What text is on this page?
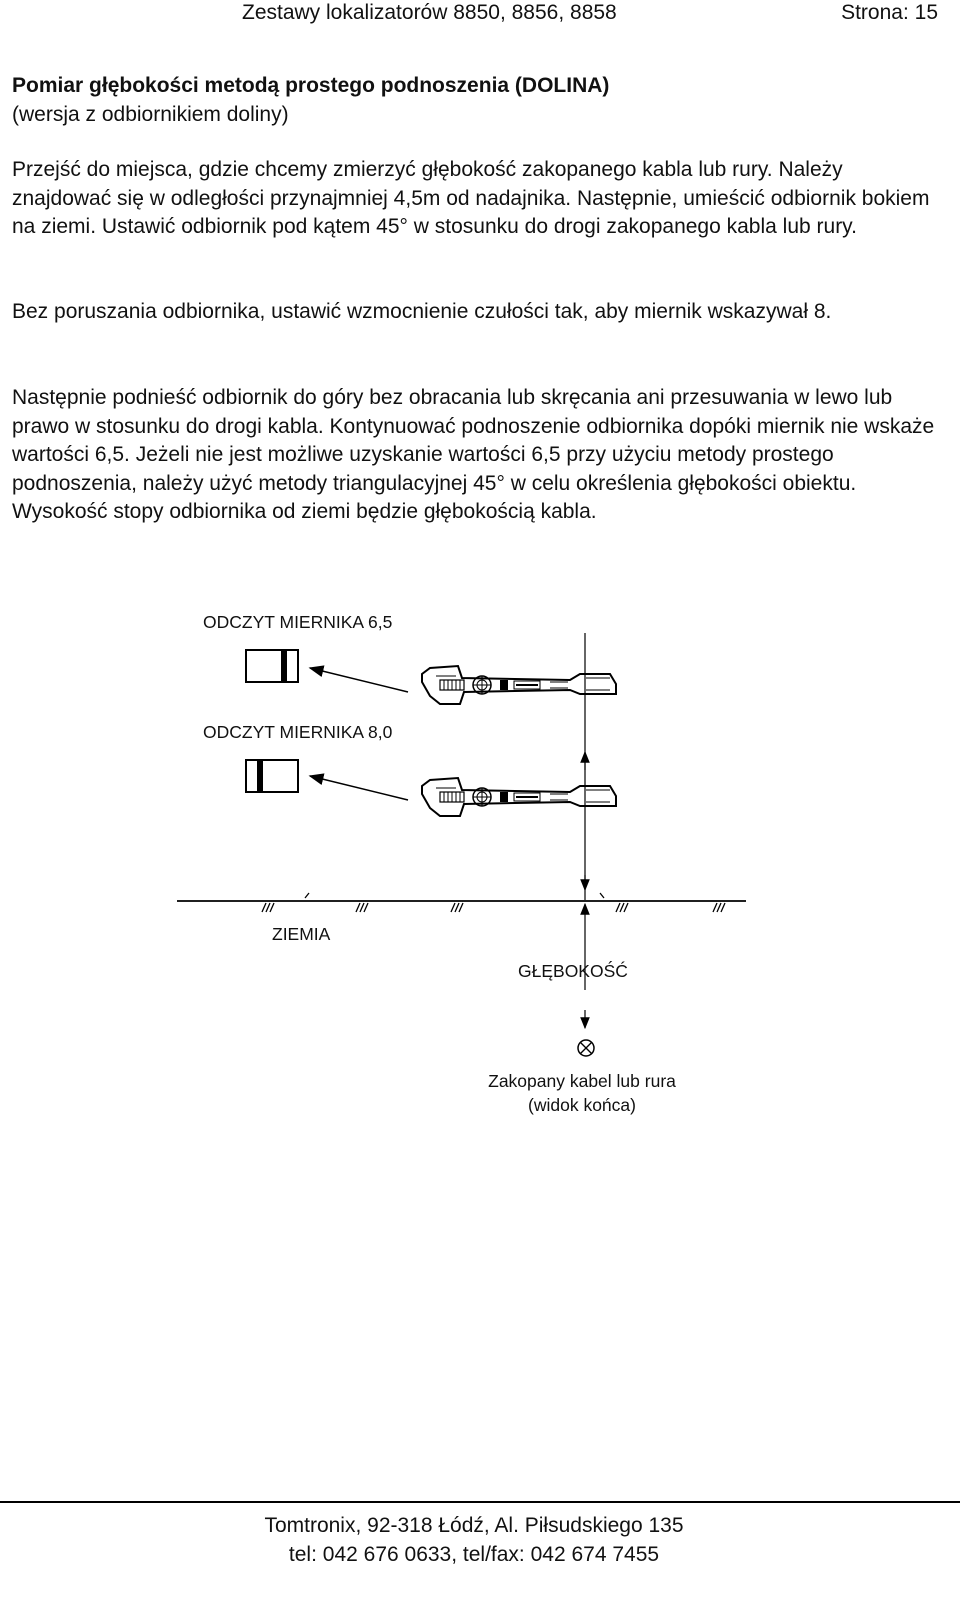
Zestawy lokalizatorów 8850, 8856, 8858	Strona: 15
Pomiar głębokości metodą prostego podnoszenia (DOLINA)
(wersja z odbiornikiem doliny)

Przejść do miejsca, gdzie chcemy zmierzyć głębokość zakopanego kabla lub rury. Należy znajdować się w odległości przynajmniej 4,5m od nadajnika. Następnie, umieścić odbiornik bokiem na ziemi. Ustawić odbiornik pod kątem 45° w stosunku do drogi zakopanego kabla lub rury.

Bez poruszania odbiornika, ustawić wzmocnienie czułości tak, aby miernik wskazywał 8.

Następnie podnieść odbiornik do góry bez obracania lub skręcania ani przesuwania w lewo lub prawo w stosunku do drogi kabla. Kontynuować podnoszenie odbiornika dopóki miernik nie wskaże wartości 6,5. Jeżeli nie jest możliwe uzyskanie wartości 6,5 przy użyciu metody prostego podnoszenia, należy użyć metody triangulacyjnej 45° w celu określenia głębokości obiektu. Wysokość stopy odbiornika od ziemi będzie głębokością kabla.

ODCZYT MIERNIKA 6,5
ODCZYT MIERNIKA 8,0
ZIEMIA
GŁĘBOKOŚĆ
Zakopany kabel lub rura
(widok końca)
Tomtronix, 92-318 Łódź, Al. Piłsudskiego 135
tel: 042 676 0633, tel/fax: 042 674 7455
